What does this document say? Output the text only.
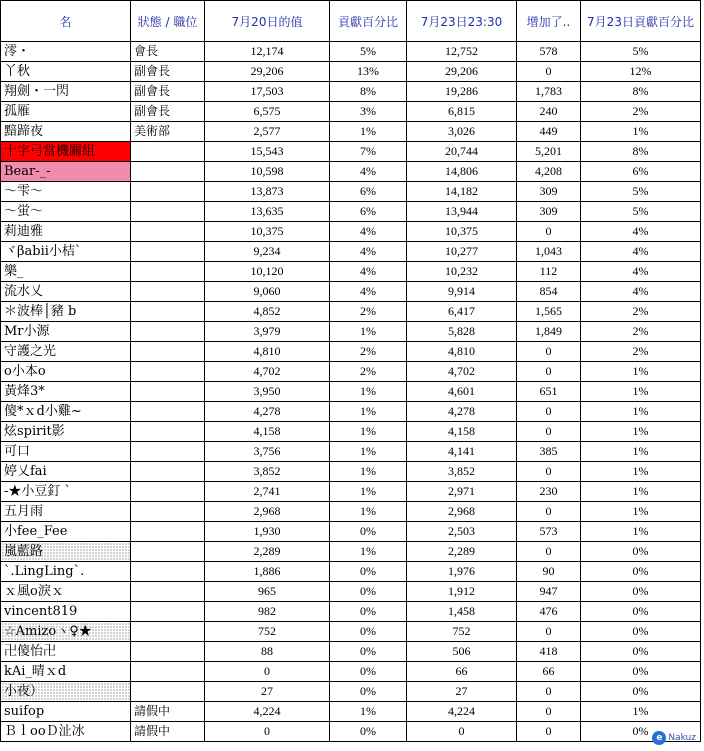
名	狀態 / 職位	7月20日的值	貢獻百分比	7月23日23:30	增加了..	7月23日貢獻百分比
澪・	會長	12,174	5%	12,752	578	5%
丫秋	副會長	29,206	13%	29,206	0	12%
翔劍・一閃	副會長	17,503	8%	19,286	1,783	8%
孤雁	副會長	6,575	3%	6,815	240	2%
黯蹄夜	美術部	2,577	1%	3,026	449	1%
十字弓當機關組		15,543	7%	20,744	5,201	8%
Bear-_-		10,598	4%	14,806	4,208	6%
～雫～		13,873	6%	14,182	309	5%
～蛍～		13,635	6%	13,944	309	5%
莉迪雅		10,375	4%	10,375	0	4%
ヾβabii小桔`		9,234	4%	10,277	1,043	4%
樂_		10,120	4%	10,232	112	4%
流水乂		9,060	4%	9,914	854	4%
＊波棒│豬 b		4,852	2%	6,417	1,565	2%
Mr小源		3,979	1%	5,828	1,849	2%
守護之光		4,810	2%	4,810	0	2%
o小本o		4,702	2%	4,702	0	1%
黃烽3*		3,950	1%	4,601	651	1%
傻*ｘd小雞~		4,278	1%	4,278	0	1%
炫spirit影		4,158	1%	4,158	0	1%
可口		3,756	1%	4,141	385	1%
婷乂fai		3,852	1%	3,852	0	1%
-★小豆釘 `		2,741	1%	2,971	230	1%
五月雨		2,968	1%	2,968	0	1%
小fee_Fee		1,930	0%	2,503	573	1%
嵐藍路		2,289	1%	2,289	0	0%
`.LingLing`.		1,886	0%	1,976	90	0%
ｘ風o淚ｘ		965	0%	1,912	947	0%
vincent819		982	0%	1,458	476	0%
☆Amizoヽ♀★		752	0%	752	0	0%
卍傻怡卍		88	0%	506	418	0%
kAi_晴ｘd		0	0%	66	66	0%
小夜）		27	0%	27	0	0%
suifop	請假中	4,224	1%	4,224	0	1%
ＢｌooＤ沚冰	請假中	0	0%	0	0	0% e Nakuz
